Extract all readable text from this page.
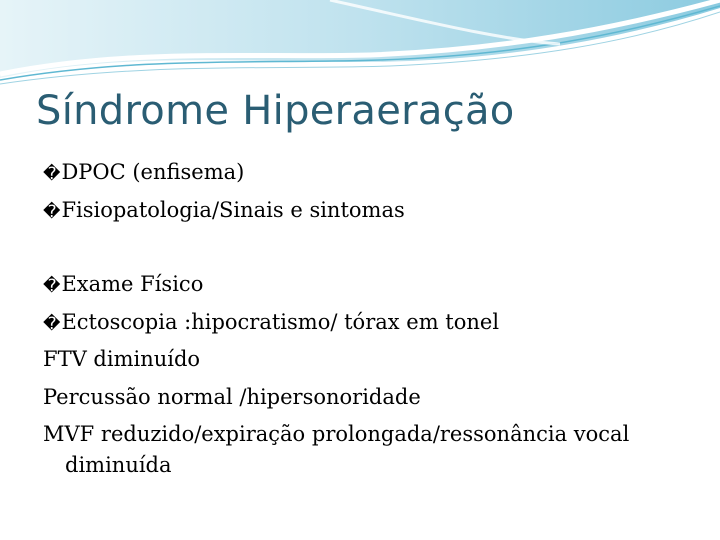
Síndrome Hiperaeração
�DPOC (enfisema)
�Fisiopatologia/Sinais e sintomas
�Exame Físico
�Ectoscopia :hipocratismo/ tórax em tonel
FTV diminuído
Percussão normal /hipersonoridade
MVF reduzido/expiração prolongada/ressonância vocal diminuída
